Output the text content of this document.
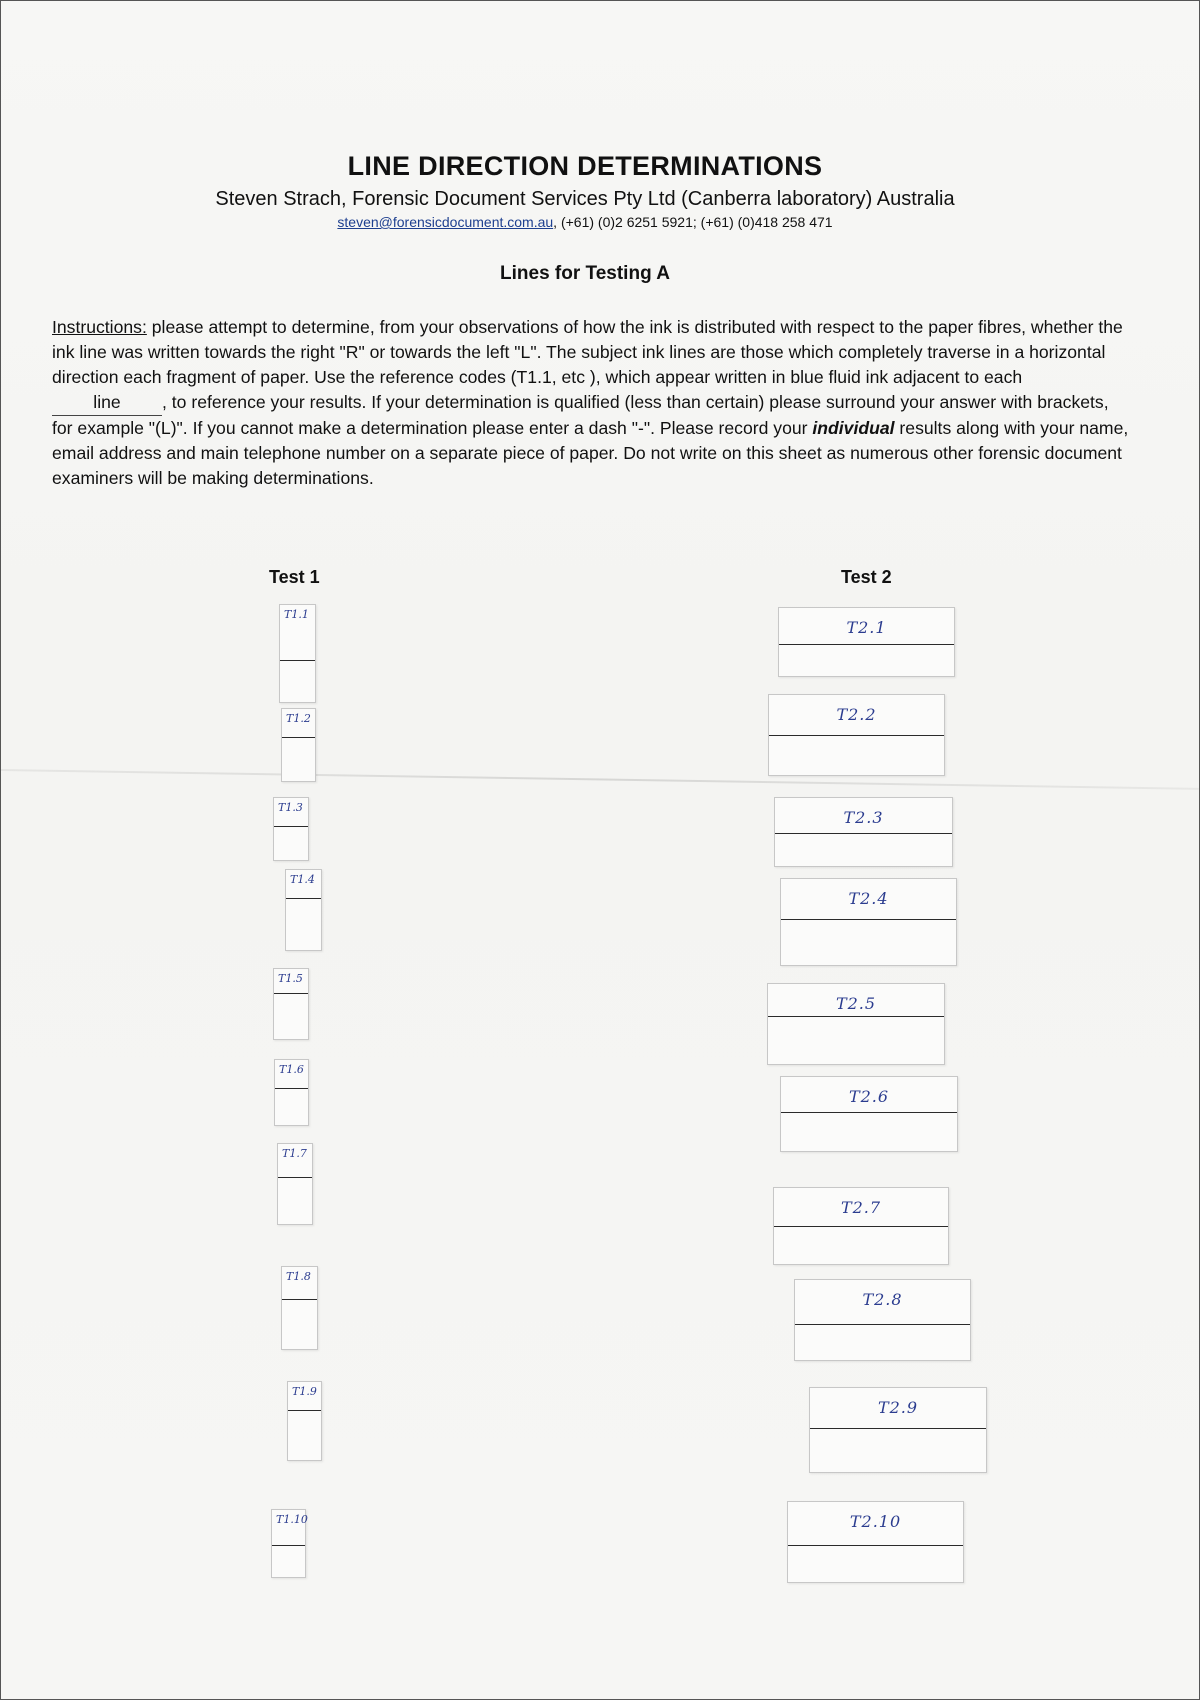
LINE DIRECTION DETERMINATIONS
Steven Strach, Forensic Document Services Pty Ltd (Canberra laboratory) Australia
steven@forensicdocument.com.au, (+61) (0)2 6251 5921; (+61) (0)418 258 471
Lines for Testing A
Instructions: please attempt to determine, from your observations of how the ink is distributed with respect to the paper fibres, whether the ink line was written towards the right "R" or towards the left "L". The subject ink lines are those which completely traverse in a horizontal direction each fragment of paper. Use the reference codes (T1.1, etc ), which appear written in blue fluid ink adjacent to each line , to reference your results. If your determination is qualified (less than certain) please surround your answer with brackets, for example "(L)". If you cannot make a determination please enter a dash "-". Please record your individual results along with your name, email address and main telephone number on a separate piece of paper. Do not write on this sheet as numerous other forensic document examiners will be making determinations.
Test 1	Test 2
T1.1
T1.2
T1.3
T1.4
T1.5
T1.6
T1.7
T1.8
T1.9
T1.10
T2.1
T2.2
T2.3
T2.4
T2.5
T2.6
T2.7
T2.8
T2.9
T2.10
